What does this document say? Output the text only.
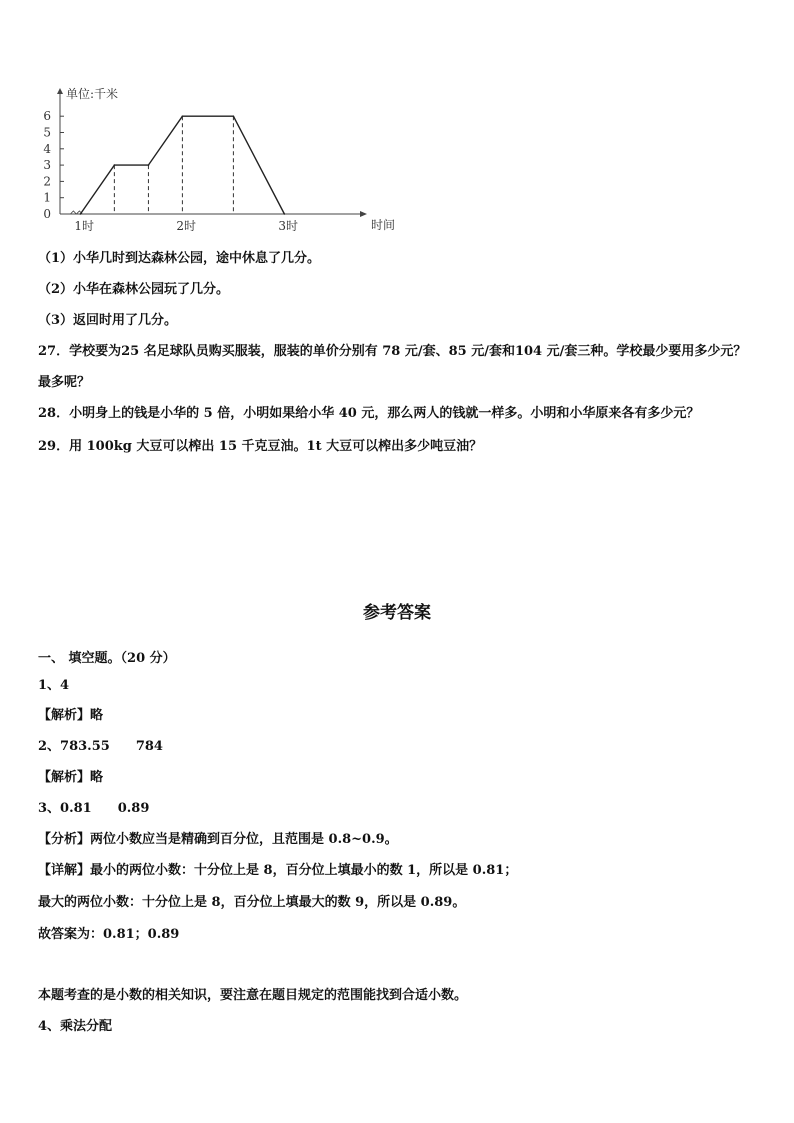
0
1
2
3
4
5
6
单位:千米
1时	2时	3时	时间
（1）小华几时到达森林公园，途中休息了几分。
（2）小华在森林公园玩了几分。
（3）返回时用了几分。
27．学校要为25 名足球队员购买服装，服装的单价分别有 78 元/套、85 元/套和104 元/套三种。学校最少要用多少元？
最多呢？
28．小明身上的钱是小华的 5 倍，小明如果给小华 40 元，那么两人的钱就一样多。小明和小华原来各有多少元？
29．用 100kg 大豆可以榨出 15 千克豆油。1t 大豆可以榨出多少吨豆油？
参考答案
一、 填空题。（20 分）
1、4
【解析】略
2、783.55 784
【解析】略
3、0.81 0.89
【分析】两位小数应当是精确到百分位，且范围是 0.8~0.9。
【详解】最小的两位小数：十分位上是 8，百分位上填最小的数 1，所以是 0.81；
最大的两位小数：十分位上是 8，百分位上填最大的数 9，所以是 0.89。
故答案为：0.81；0.89
本题考查的是小数的相关知识，要注意在题目规定的范围能找到合适小数。
4、乘法分配
